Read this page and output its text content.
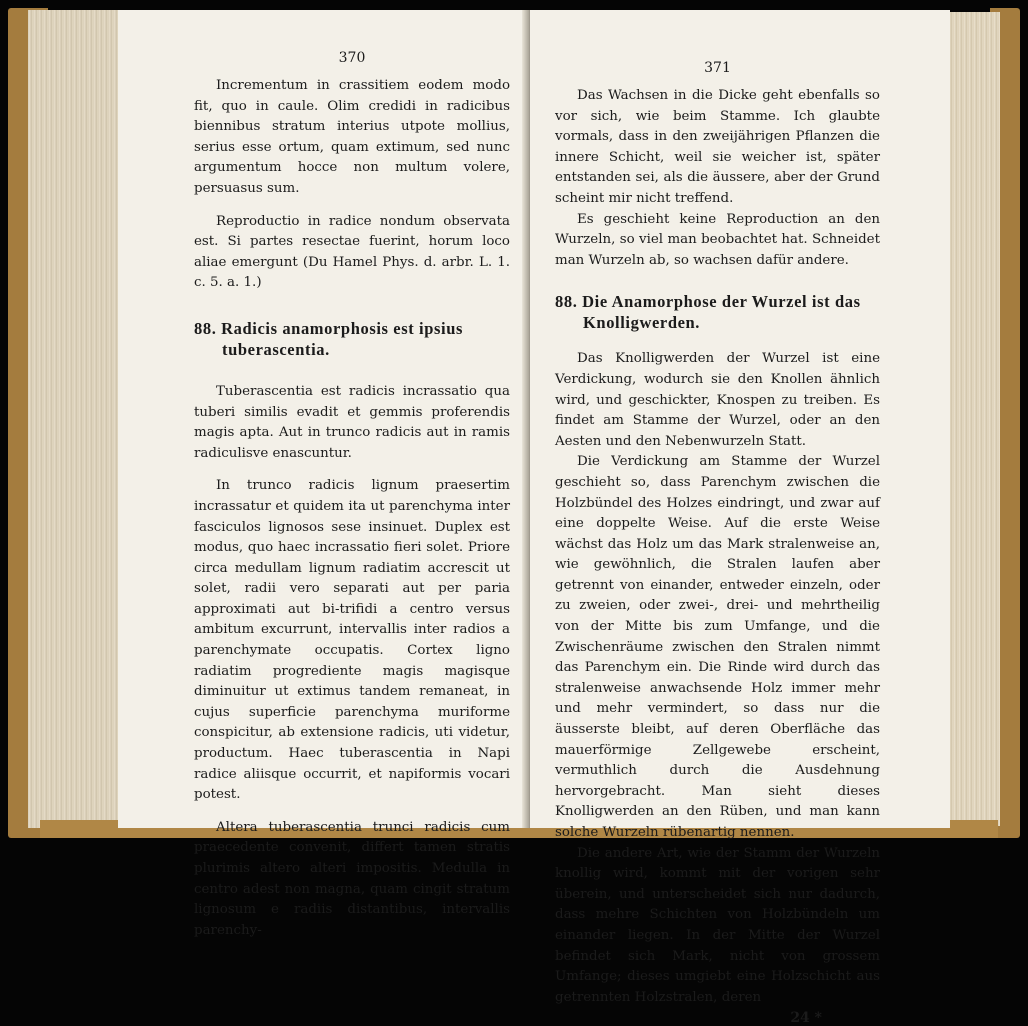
370

Incrementum in crassitiem eodem modo fit, quo in caule. Olim credidi in radicibus biennibus stratum interius utpote mollius, serius esse ortum, quam extimum, sed nunc argumentum hocce non multum volere, persuasus sum.

Reproductio in radice nondum observata est. Si partes resectae fuerint, horum loco aliae emergunt (Du Hamel Phys. d. arbr. L. 1. c. 5. a. 1.)

88. Radicis anamorphosis est ipsius tuberascentia.

Tuberascentia est radicis incrassatio qua tuberi similis evadit et gemmis proferendis magis apta. Aut in trunco radicis aut in ramis radiculisve enascuntur.

In trunco radicis lignum praesertim incrassatur et quidem ita ut parenchyma inter fasciculos lignosos sese insinuet. Duplex est modus, quo haec incrassatio fieri solet. Priore circa medullam lignum radiatim accrescit ut solet, radii vero separati aut per paria approximati aut bi-trifidi a centro versus ambitum excurrunt, intervallis inter radios a parenchymate occupatis. Cortex ligno radiatim progrediente magis magisque diminuitur ut extimus tandem remaneat, in cujus superficie parenchyma muriforme conspicitur, ab extensione radicis, uti videtur, productum. Haec tuberascentia in Napi radice aliisque occurrit, et napiformis vocari potest.

Altera tuberascentia trunci radicis cum praecedente convenit, differt tamen stratis plurimis altero alteri impositis. Medulla in centro adest non magna, quam cingit stratum lignosum e radiis distantibus, intervallis parenchy-

371

Das Wachsen in die Dicke geht ebenfalls so vor sich, wie beim Stamme. Ich glaubte vormals, dass in den zweijährigen Pflanzen die innere Schicht, weil sie weicher ist, später entstanden sei, als die äussere, aber der Grund scheint mir nicht treffend.

Es geschieht keine Reproduction an den Wurzeln, so viel man beobachtet hat. Schneidet man Wurzeln ab, so wachsen dafür andere.

88. Die Anamorphose der Wurzel ist das Knolligwerden.

Das Knolligwerden der Wurzel ist eine Verdickung, wodurch sie den Knollen ähnlich wird, und geschickter, Knospen zu treiben. Es findet am Stamme der Wurzel, oder an den Aesten und den Nebenwurzeln Statt.

Die Verdickung am Stamme der Wurzel geschieht so, dass Parenchym zwischen die Holzbündel des Holzes eindringt, und zwar auf eine doppelte Weise. Auf die erste Weise wächst das Holz um das Mark stralenweise an, wie gewöhnlich, die Stralen laufen aber getrennt von einander, entweder einzeln, oder zu zweien, oder zwei-, drei- und mehrtheilig von der Mitte bis zum Umfange, und die Zwischenräume zwischen den Stralen nimmt das Parenchym ein. Die Rinde wird durch das stralenweise anwachsende Holz immer mehr und mehr vermindert, so dass nur die äusserste bleibt, auf deren Oberfläche das mauerförmige Zellgewebe erscheint, vermuthlich durch die Ausdehnung hervorgebracht. Man sieht dieses Knolligwerden an den Rüben, und man kann solche Wurzeln rübenartig nennen.

Die andere Art, wie der Stamm der Wurzeln knollig wird, kommt mit der vorigen sehr überein, und unterscheidet sich nur dadurch, dass mehre Schichten von Holzbündeln um einander liegen. In der Mitte der Wurzel befindet sich Mark, nicht von grossem Umfange; dieses umgiebt eine Holzschicht aus getrennten Holzstralen, deren

24 *
